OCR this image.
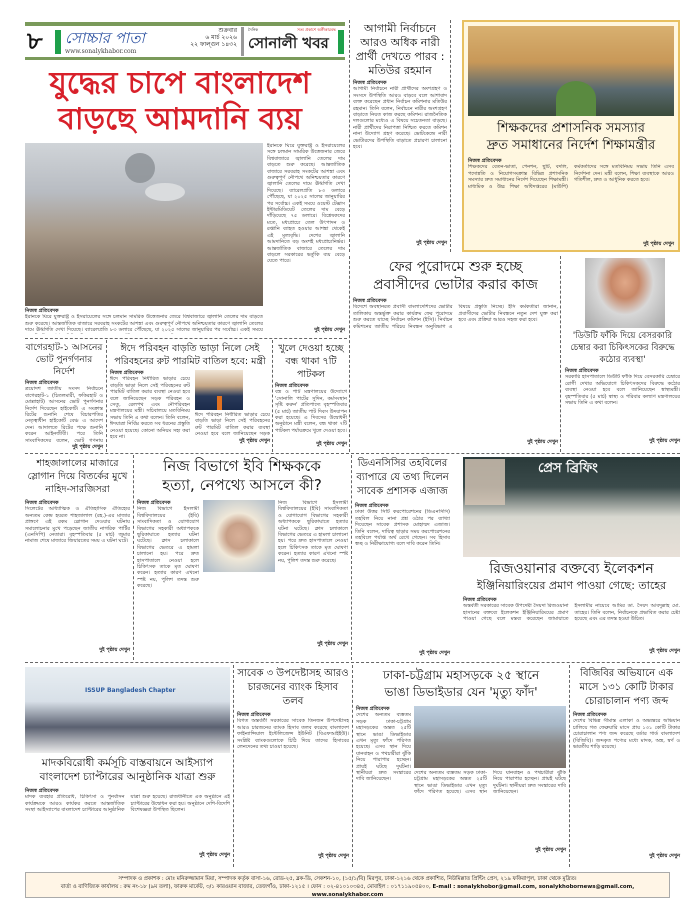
৮ সোচ্চার পাতা
www.sonalykhabor.com
শুক্রবার
৬ মার্চ ২০২৬
২২ ফাল্গুন ১৪৩২
দৈনিক	সত্য প্রকাশে অঙ্গীকারবদ্ধ
সোনালী খবর
যুদ্ধের চাপে বাংলাদেশ
বাড়ছে আমদানি ব্যয়
ইরানকে ঘিরে যুক্তরাষ্ট্র ও ইসরায়েলের সঙ্গে চলমান সামরিক উত্তেজনার জেরে বিশ্ববাজারে জ্বালানি তেলের দাম বাড়তে শুরু করেছে। আন্তর্জাতিক বাজারে সরবরাহ সংকটের আশঙ্কা এবং গুরুত্বপূর্ণ নৌপথে অনিশ্চয়তার কারণে জ্বালানি তেলের দামে ঊর্ধ্বগতি দেখা দিয়েছে। ব্যারেলপ্রতি ৮৩ ডলারে পৌঁছেছে, যা ২০২৫ সালের জানুয়ারির পর সর্বোচ্চ। একই সময়ে ওয়েস্ট টেক্সাস ইন্টারমিডিয়েট তেলের দাম বেড়ে দাঁড়িয়েছে ৭৫ ডলারে। বিশ্লেষকদের মতে, মধ্যপ্রাচ্যে তেল উৎপাদন ও রপ্তানি ব্যাহত হওয়ার আশঙ্কা থেকেই এই মূল্যবৃদ্ধি। দেশের জ্বালানি আমদানিতে বড় অংশই মধ্যপ্রাচ্যনির্ভর। আন্তর্জাতিক বাজারে তেলের দাম বাড়লে সরকারের ভর্তুকি ব্যয় বেড়ে যেতে পারে।
নিজস্ব প্রতিবেদক
ইরানকে ঘিরে যুক্তরাষ্ট্র ও ইসরায়েলের সঙ্গে চলমান সামরিক উত্তেজনার জেরে বিশ্ববাজারে জ্বালানি তেলের দাম বাড়তে শুরু করেছে। আন্তর্জাতিক বাজারে সরবরাহ সংকটের আশঙ্কা এবং গুরুত্বপূর্ণ নৌপথে অনিশ্চয়তার কারণে জ্বালানি তেলের দামে ঊর্ধ্বগতি দেখা দিয়েছে। ব্যারেলপ্রতি ৮৩ ডলারে পৌঁছেছে, যা ২০২৫ সালের জানুয়ারির পর সর্বোচ্চ। একই সময়ে	দুই পৃষ্ঠায় দেখুন
আগামী নির্বাচনে আরও অধিক নারী প্রার্থী দেখতে পারব : মতিউর রহমান
নিজস্ব প্রতিবেদক
আগামী নির্বাচনে নারী প্রার্থীদের অংশগ্রহণ ও সংসদে উপস্থিতি আরও বাড়বে বলে আশাবাদ ব্যক্ত করেছেন প্রধান নির্বাচন কমিশনার মতিউর রহমান। তিনি বলেন, নির্বাচনে নারীর অংশগ্রহণ বাড়াতে নিয়ত কাজ করছে কমিশন। রাজনৈতিক দলগুলোর মধ্যেও এ বিষয়ে সচেতনতা বাড়ছে। নারী প্রার্থীদের নিরাপত্তা নিশ্চিত করতে কমিশন নানা উদ্যোগ গ্রহণ করেছে। ভোটকেন্দ্রে নারী ভোটারদের উপস্থিতি বাড়াতে প্রচারণা চালানো হবে।
দুই পৃষ্ঠায় দেখুন
শিক্ষকদের প্রশাসনিক সমস্যার
দ্রুত সমাধানের নির্দেশ শিক্ষামন্ত্রীর
নিজস্ব প্রতিবেদক
শিক্ষকদের বেতন-ভাতা, পেনশন, ছুটি, বদলি, পদোন্নতি ও নিয়োগসংক্রান্ত বিভিন্ন প্রশাসনিক সমস্যার দ্রুত সমাধানের নির্দেশ দিয়েছেন শিক্ষামন্ত্রী। মাধ্যমিক ও উচ্চ শিক্ষা অধিদপ্তরের (মাউশি) কর্মকর্তাদের সঙ্গে মতবিনিময় সভায় তিনি এসব নির্দেশনা দেন। মন্ত্রী বলেন, শিক্ষা ব্যবস্থাকে আরও গতিশীল, দ্রুত ও আধুনিক করতে হবে।
দুই পৃষ্ঠায় দেখুন
বাগেরহাট-১ আসনের ভোট পুনর্গণনার নির্দেশ
নিজস্ব প্রতিবেদক
ত্রয়োদশ জাতীয় সংসদ নির্বাচনে বাগেরহাট-১ (চিতলমারী, ফকিরহাট ও মোল্লাহাট) আসনের ভোট পুনর্গণনার নির্দেশ দিয়েছেন হাইকোর্ট। এ সংক্রান্ত রিটের শুনানি শেষে বিচারপতির নেতৃত্বাধীন হাইকোর্ট বেঞ্চ এ আদেশ দেন। আদালতে রিটের পক্ষে শুনানি করেন আইনজীবী। পরে তিনি সাংবাদিকদের বলেন, ভোট গণনায়
দুই পৃষ্ঠায় দেখুন
ঈদে পরিবহন বাড়তি ভাড়া নিলে সেই পরিবহনের রুট পারমিট বাতিল হবে: মন্ত্রী
নিজস্ব প্রতিবেদক
ঈদে পরিবহন নির্ধারিত ভাড়ার চেয়ে বাড়তি ভাড়া নিলে সেই পরিবহনের রুট পারমিট বাতিল করার ব্যবস্থা নেওয়া হবে বলে জানিয়েছেন সড়ক পরিবহন ও সেতু, রেলপথ এবং নৌপরিবহন মন্ত্রণালয়ের মন্ত্রী। সচিবালয়ে মতবিনিময় সভায় তিনি এ কথা বলেন। তিনি বলেন, ঈদযাত্রা নির্বিঘ্ন করতে সব ধরনের প্রস্তুতি নেওয়া হয়েছে। কোনো অনিয়ম সহ্য করা হবে না।
ঈদে পরিবহন নির্ধারিত ভাড়ার চেয়ে বাড়তি ভাড়া নিলে সেই পরিবহনের রুট পারমিট বাতিল করার ব্যবস্থা নেওয়া হবে বলে জানিয়েছেন সড়ক
দুই পৃষ্ঠায় দেখুন
খুলে দেওয়া হচ্ছে বন্ধ থাকা ৭টি পাটকল
নিজস্ব প্রতিবেদক
বস্ত্র ও পাট মন্ত্রণালয়ের উদ্যোগে 'সোনালি পাটের সুদিন, কর্মসংস্থান সৃষ্টি করুন' প্রতিপাদ্যে বৃহস্পতিবার (৫ মার্চ) জাতীয় পাট দিবস উদযাপন করা হয়েছে। এ দিবসের উদ্বোধনী অনুষ্ঠানে মন্ত্রী বলেন, বন্ধ থাকা ৭টি পাটকল পর্যায়ক্রমে খুলে দেওয়া হবে।
দুই পৃষ্ঠায় দেখুন
ফের পুরোদমে শুরু হচ্ছে
প্রবাসীদের ভোটার করার কাজ
নিজস্ব প্রতিবেদক
বিদেশে অবস্থানরত প্রবাসী বাংলাদেশিদের ভোটার তালিকায় অন্তর্ভুক্ত করার কার্যক্রম ফের পুরোদমে শুরু করতে যাচ্ছে নির্বাচন কমিশন (ইসি)। নির্বাচন কমিশনের জাতীয় পরিচয় নিবন্ধন অনুবিভাগ এ বিষয়ে প্রস্তুতি নিচ্ছে। ইসি কর্মকর্তারা জানান, প্রবাসীদের ভোটার নিবন্ধনে নতুন দেশ যুক্ত করা হবে এবং প্রক্রিয়া আরও সহজ করা হবে।
দুই পৃষ্ঠায় দেখুন
'ডিউটি ফাঁকি দিয়ে বেসরকারি চেম্বার করা চিকিৎসকের বিরুদ্ধে কঠোর ব্যবস্থা'
নিজস্ব প্রতিবেদক
সরকারি হাসপাতালে ডিউটি ফাঁকি দিয়ে বেসরকারি চেম্বারে রোগী দেখার অভিযোগে চিকিৎসকদের বিরুদ্ধে কঠোর ব্যবস্থা নেওয়া হবে বলে জানিয়েছেন স্বাস্থ্যমন্ত্রী। বৃহস্পতিবার (৫ মার্চ) স্বাস্থ্য ও পরিবার কল্যাণ মন্ত্রণালয়ের সভায় তিনি এ কথা বলেন।
দুই পৃষ্ঠায় দেখুন
শাহজালালের মাজারে স্লোগান দিয়ে বিতর্কের মুখে নাহিদ-সারজিসরা
নিজস্ব প্রতিবেদক
সিলেটের আধ্যাত্মিক ও ঐতিহাসিক ঐতিহ্যের অন্যতম কেন্দ্র হযরত শাহজালাল (রহ.)-এর মাজার প্রাঙ্গণে এই রকম স্লোগান দেওয়ার ঘটনায় সমালোচনার মুখে পড়েছেন জাতীয় নাগরিক পার্টির (এনসিপি) নেতারা। বৃহস্পতিবার (৫ মার্চ) জুমার নামাজ শেষে মাজারে জিয়ারতের সময় এ ঘটনা ঘটে।
দুই পৃষ্ঠায় দেখুন
নিজ বিভাগে ইবি শিক্ষককে
হত্যা, নেপথ্যে আসলে কী?
নিজস্ব প্রতিবেদক
নিজ বিভাগে ইসলামী বিশ্ববিদ্যালয়ের (ইবি) সাংবাদিকতা ও যোগাযোগ বিভাগের সহকারী অধ্যাপককে ছুরিকাঘাতে হত্যার ঘটনা ঘটেছে। ক্লাস চলাকালে বিভাগের ভেতরে এ হামলা চালানো হয়। পরে দ্রুত হাসপাতালে নেওয়া হলে চিকিৎসক তাকে মৃত ঘোষণা করেন। হত্যার কারণ এখনো স্পষ্ট নয়, পুলিশ তদন্ত শুরু করেছে।
নিজ বিভাগে ইসলামী বিশ্ববিদ্যালয়ের (ইবি) সাংবাদিকতা ও যোগাযোগ বিভাগের সহকারী অধ্যাপককে ছুরিকাঘাতে হত্যার ঘটনা ঘটেছে। ক্লাস চলাকালে বিভাগের ভেতরে এ হামলা চালানো হয়। পরে দ্রুত হাসপাতালে নেওয়া হলে চিকিৎসক তাকে মৃত ঘোষণা করেন। হত্যার কারণ এখনো স্পষ্ট নয়, পুলিশ তদন্ত শুরু করেছে।
দুই পৃষ্ঠায় দেখুন
ডিএনসিসির তহবিলের ব্যাপারে যে তথ্য দিলেন সাবেক প্রশাসক এজাজ
নিজস্ব প্রতিবেদক
ঢাকা উত্তর সিটি করপোরেশনের (ডিএনসিসি) তহবিল নিয়ে নানা প্রশ্ন ওঠার পর ব্যাখ্যা দিয়েছেন সাবেক প্রশাসক মোহাম্মদ এজাজ। তিনি বলেন, দায়িত্ব ছাড়ার সময় করপোরেশনের তহবিলে পর্যাপ্ত অর্থ রেখে গেছেন। সব হিসাব স্বচ্ছ ও নিরীক্ষাযোগ্য বলে দাবি করেন তিনি।
দুই পৃষ্ঠায় দেখুন
প্রেস ব্রিফিং
রিজওয়ানার বক্তব্যে ইলেকশন
ইঞ্জিনিয়ারিংয়ের প্রমাণ পাওয়া গেছে: তাহের
নিজস্ব প্রতিবেদক
অন্তর্বর্তী সরকারের সাবেক উপদেষ্টা সৈয়দা রিজওয়ানা হাসানের বক্তব্যে ইলেকশন ইঞ্জিনিয়ারিংয়ের প্রমাণ পাওয়া গেছে বলে মন্তব্য করেছেন জামায়াতে ইসলামীর নায়েবে আমির ডা. সৈয়দ আবদুল্লাহ মো. তাহের। তিনি বলেন, নির্বাচনকে প্রভাবিত করার চেষ্টা হয়েছে এবং এর তদন্ত হওয়া উচিত।
দুই পৃষ্ঠায় দেখুন
ISSUP Bangladesh Chapter
মাদকবিরোধী কর্মসূচি বাস্তবায়নে আইস্যাপ
বাংলাদেশ চ্যাপ্টারের আনুষ্ঠানিক যাত্রা শুরু
নিজস্ব প্রতিবেদক
মাদক ব্যবহার প্রতিরোধ, চিকিৎসা ও পুনর্বাসন কার্যক্রমকে আরও কার্যকর করতে আন্তর্জাতিক সংস্থা আইস্যাপের বাংলাদেশ চ্যাপ্টারের আনুষ্ঠানিক যাত্রা শুরু হয়েছে। রাজধানীতে এক অনুষ্ঠানে এই চ্যাপ্টারের উদ্বোধন করা হয়। অনুষ্ঠানে দেশি-বিদেশি বিশেষজ্ঞরা উপস্থিত ছিলেন।
দুই পৃষ্ঠায় দেখুন
সাবেক ৩ উপদেষ্টাসহ আরও চারজনের ব্যাংক হিসাব তলব
নিজস্ব প্রতিবেদক
বিগত অন্তর্বর্তী সরকারের সাবেক তিনজন উপদেষ্টাসহ আরও চারজনের ব্যাংক হিসাব তলব করেছে বাংলাদেশ ফাইন্যান্সিয়াল ইন্টেলিজেন্স ইউনিট (বিএফআইইউ)। সংশ্লিষ্ট ব্যাংকগুলোকে চিঠি দিয়ে তাদের হিসাবের লেনদেনের তথ্য চাওয়া হয়েছে।
দুই পৃষ্ঠায় দেখুন
ঢাকা-চট্টগ্রাম মহাসড়কে ২৫ স্থানে
ভাঙা ডিভাইডার যেন 'মৃত্যু ফাঁদ'
নিজস্ব প্রতিবেদক
দেশের অন্যতম ব্যস্ততম সড়ক ঢাকা-চট্টগ্রাম মহাসড়কের অন্তত ২৫টি স্থানে ভাঙা ডিভাইডার এখন মৃত্যু ফাঁদে পরিণত হয়েছে। এসব স্থান দিয়ে যানবাহন ও পথচারীরা ঝুঁকি নিয়ে পারাপার হচ্ছেন। প্রায়ই ঘটছে দুর্ঘটনা। স্থানীয়রা দ্রুত সংস্কারের দাবি জানিয়েছেন।
দেশের অন্যতম ব্যস্ততম সড়ক ঢাকা-চট্টগ্রাম মহাসড়কের অন্তত ২৫টি স্থানে ভাঙা ডিভাইডার এখন মৃত্যু ফাঁদে পরিণত হয়েছে। এসব স্থান দিয়ে যানবাহন ও পথচারীরা ঝুঁকি নিয়ে পারাপার হচ্ছেন। প্রায়ই ঘটছে দুর্ঘটনা। স্থানীয়রা দ্রুত সংস্কারের দাবি জানিয়েছেন।
দুই পৃষ্ঠায় দেখুন
বিজিবির অভিযানে এক মাসে ১৩১ কোটি টাকার চোরাচালান পণ্য জব্দ
নিজস্ব প্রতিবেদক
দেশের বিভিন্ন সীমান্ত এলাকা ও অভ্যন্তরে অভিযান চালিয়ে গত ফেব্রুয়ারি মাসে প্রায় ১৩১ কোটি টাকার চোরাচালান পণ্য জব্দ করেছে বর্ডার গার্ড বাংলাদেশ (বিজিবি)। জব্দকৃত পণ্যের মধ্যে মাদক, অস্ত্র, স্বর্ণ ও ভারতীয় শাড়ি রয়েছে।
দুই পৃষ্ঠায় দেখুন
সম্পাদক ও প্রকাশক : মোঃ মনিরুজ্জামান মিয়া, সম্পাদক কর্তৃক বাসা-১৬, রোড-২৫, ব্লক-ডি, সেকশন-১০, (১৫/১/বি) মিরপুর, ঢাকা-১২১৬ থেকে প্রকাশিত, নিউমিল্লাত প্রিন্টিং প্রেস, ২১৯ ফকিরাপুল, ঢাকা থেকে মুদ্রিত।
বার্তা ও বাণিজ্যিক কার্যালয় : রুম নং-১৮ (৯ম তলা), ফারুক মার্কেট, ৩/১ কারওয়ান বাজার, তেজগাঁও, ঢাকা-১২১৫ । ফোন : ০২-৪১০১০৩৪৫, মোবাইল : ০১৭১১৯০৫৪০০, E-mail : sonalykhobor@gmail.com, sonalykhobornews@gmail.com, www.sonalykhabor.com
